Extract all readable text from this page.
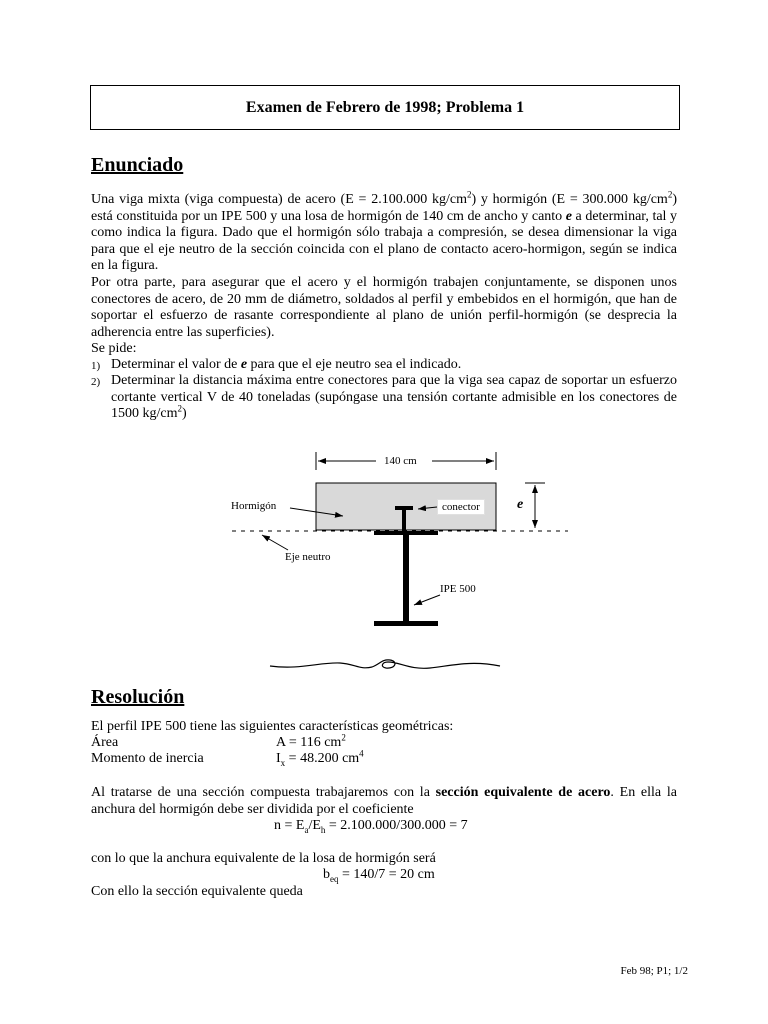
Examen de Febrero de 1998; Problema 1
Enunciado
Una viga mixta (viga compuesta) de acero (E = 2.100.000 $kg/cm^2$) y hormigón (E = 300.000 $kg/cm^2$) está constituida por un IPE 500 y una losa de hormigón de 140 cm de ancho y canto e a determinar, tal y como indica la figura. Dado que el hormigón sólo trabaja a compresión, se desea dimensionar la viga para que el eje neutro de la sección coincida con el plano de contacto acero-hormigon, según se indica en la figura.
Por otra parte, para asegurar que el acero y el hormigón trabajen conjuntamente, se disponen unos conectores de acero, de 20 mm de diámetro, soldados al perfil y embebidos en el hormigón, que han de soportar el esfuerzo de rasante correspondiente al plano de unión perfil-hormigón (se desprecia la adherencia entre las superficies).
Se pide:
1) Determinar el valor de e para que el eje neutro sea el indicado.
2) Determinar la distancia máxima entre conectores para que la viga sea capaz de soportar un esfuerzo cortante vertical V de 40 toneladas (supóngase una tensión cortante admisible en los conectores de 1500 $kg/cm^2$)
140 cm
Hormigón	conector	e
Eje neutro
IPE 500
Resolución
El perfil IPE 500 tiene las siguientes características geométricas:
Área	A = 116 $cm^2$
Momento de inercia	$I_x = 48.200$ $cm^4$
Al tratarse de una sección compuesta trabajaremos con la sección equivalente de acero. En ella la anchura del hormigón debe ser dividida por el coeficiente
$n = E_a/E_h = 2.100.000/300.000 = 7$
con lo que la anchura equivalente de la losa de hormigón será
$b_{eq} = 140/7 = 20$ cm
Con ello la sección equivalente queda
Feb 98; P1; 1/2
